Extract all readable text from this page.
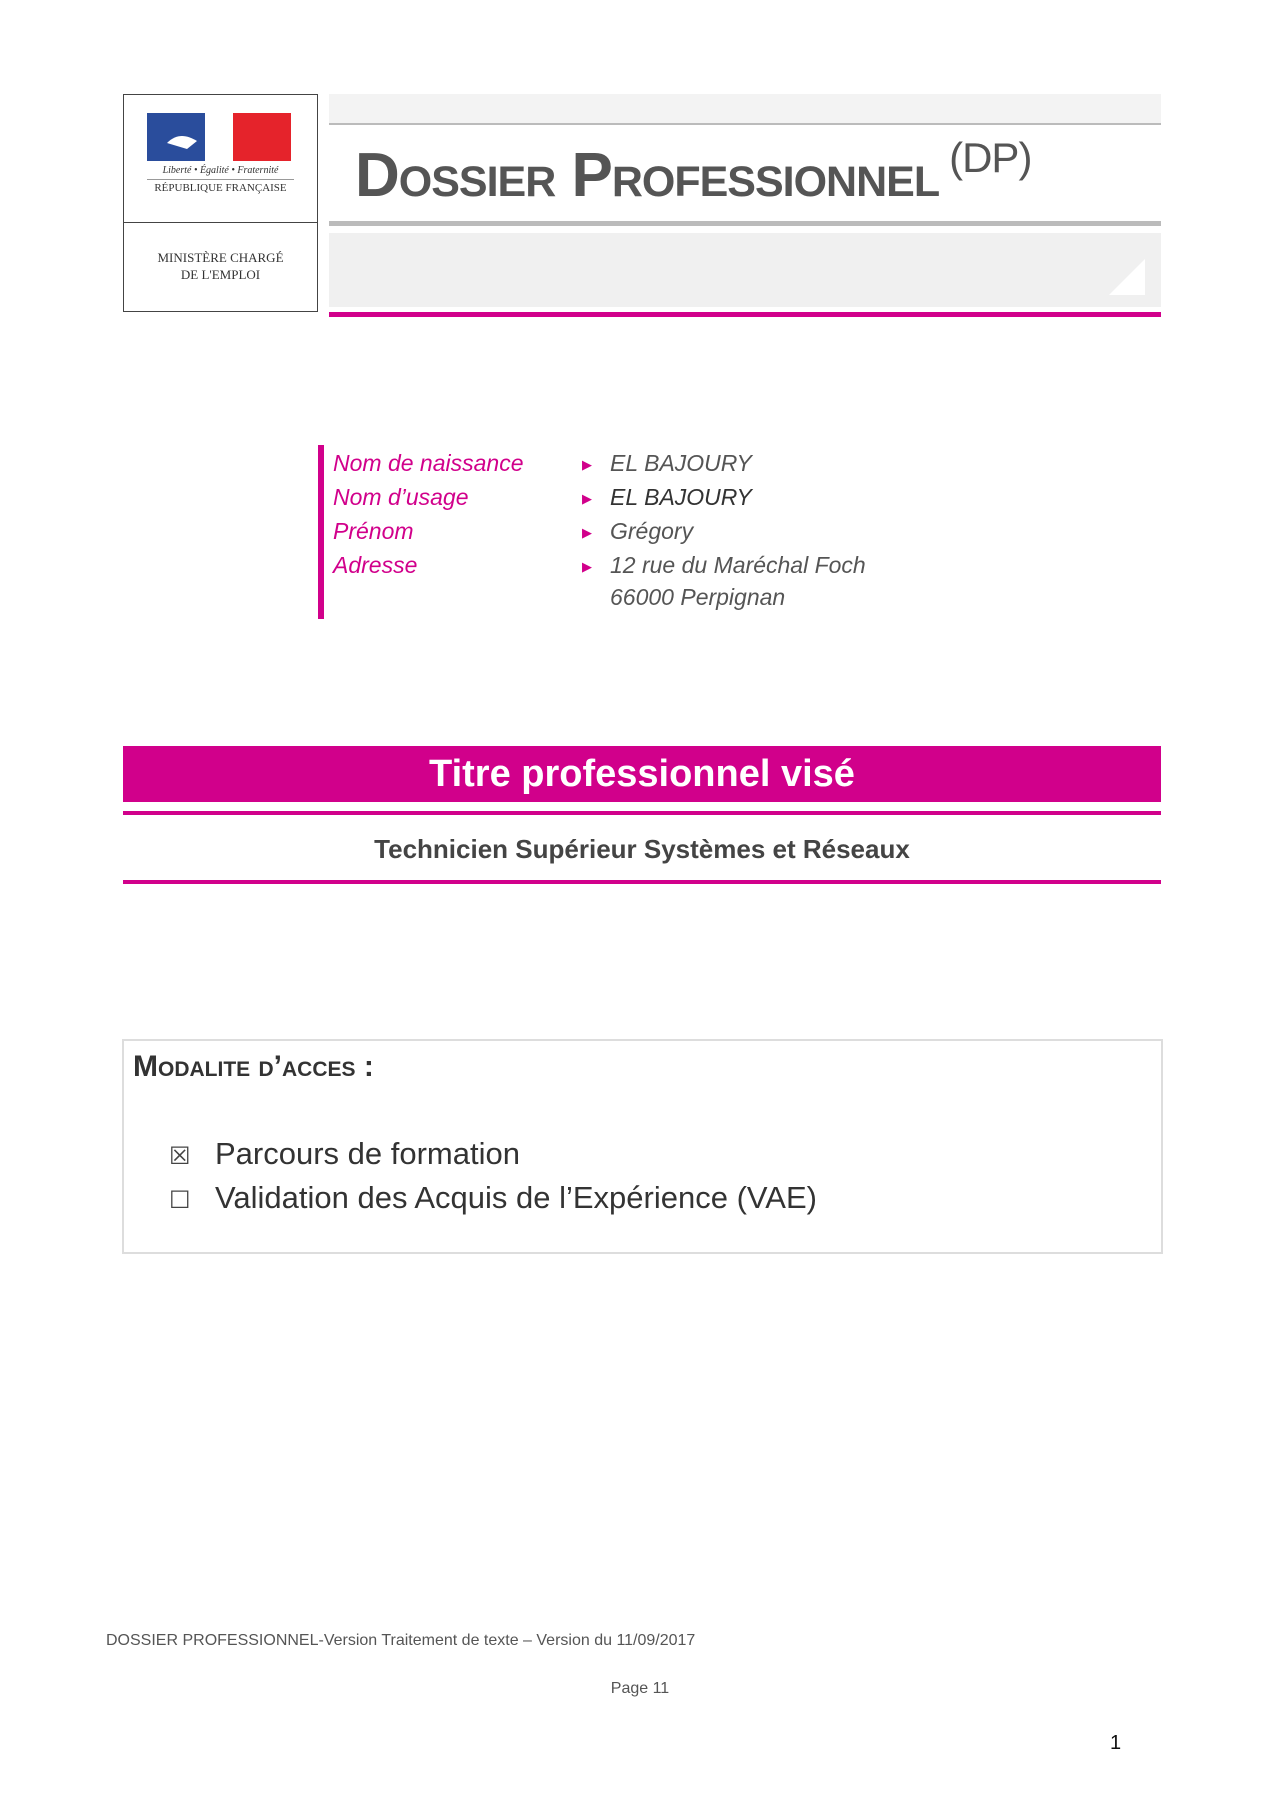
Liberté • Égalité • Fraternité
RÉPUBLIQUE FRANÇAISE
MINISTÈRE CHARGÉ
DE L'EMPLOI
Dossier Professionnel $^{(DP)}$
Nom de naissance
Nom d’usage
Prénom
Adresse
▶
▶
▶
▶
EL BAJOURY
EL BAJOURY
Grégory
12 rue du Maréchal Foch
66000 Perpignan
Titre professionnel visé
Technicien Supérieur Systèmes et Réseaux
Modalite d’acces :
☒ Parcours de formation
☐ Validation des Acquis de l’Expérience (VAE)
DOSSIER PROFESSIONNEL-Version Traitement de texte – Version du 11/09/2017
Page 11
1
